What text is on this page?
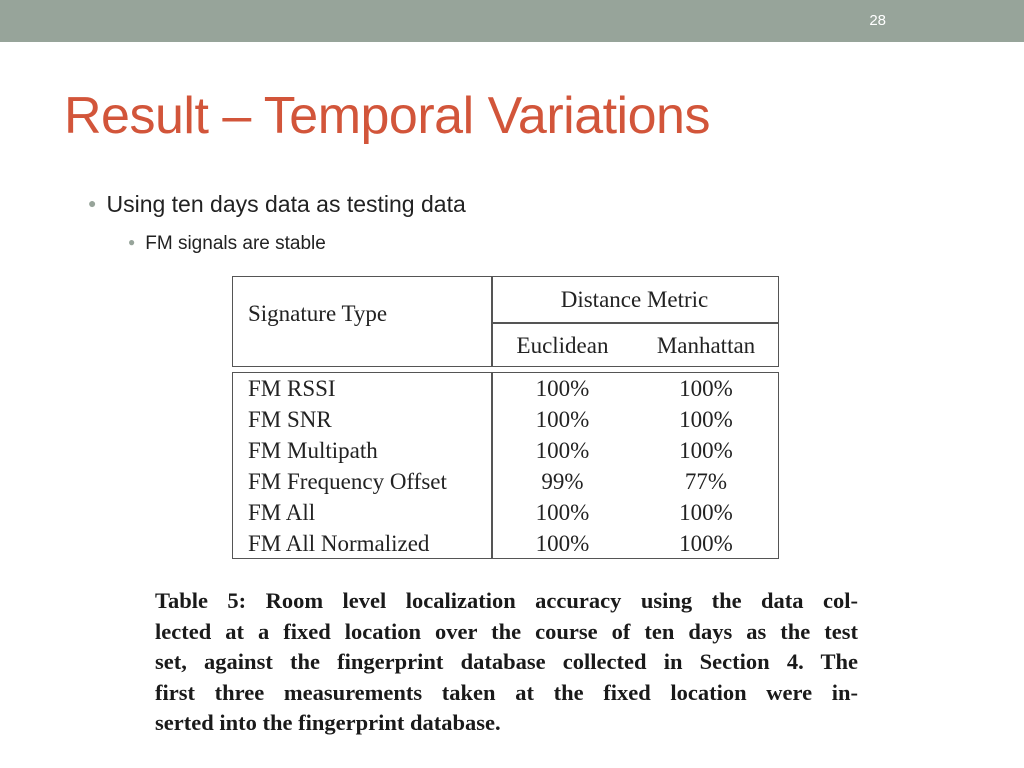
28
Result – Temporal Variations
● Using ten days data as testing data
● FM signals are stable
Signature Type
Distance Metric
Euclidean	Manhattan
FM RSSI	100%	100%
FM SNR	100%	100%
FM Multipath	100%	100%
FM Frequency Offset	99%	77%
FM All	100%	100%
FM All Normalized	100%	100%

Table 5: Room level localization accuracy using the data col-
lected at a fixed location over the course of ten days as the test
set, against the fingerprint database collected in Section 4. The
first three measurements taken at the fixed location were in-
serted into the fingerprint database.
